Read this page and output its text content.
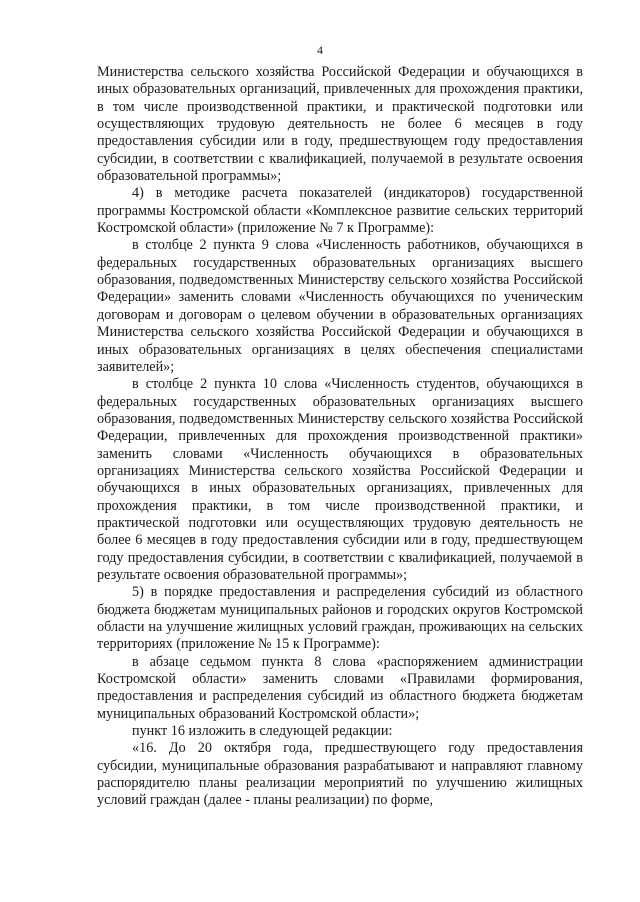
4

Министерства сельского хозяйства Российской Федерации и обучающихся в иных образовательных организаций, привлеченных для прохождения практики, в том числе производственной практики, и практической подготовки или осуществляющих трудовую деятельность не более 6 месяцев в году предоставления субсидии или в году, предшествующем году предоставления субсидии, в соответствии с квалификацией, получаемой в результате освоения образовательной программы»;

4) в методике расчета показателей (индикаторов) государственной программы Костромской области «Комплексное развитие сельских территорий Костромской области» (приложение № 7 к Программе):

в столбце 2 пункта 9 слова «Численность работников, обучающихся в федеральных государственных образовательных организациях высшего образования, подведомственных Министерству сельского хозяйства Российской Федерации» заменить словами «Численность обучающихся по ученическим договорам и договорам о целевом обучении в образовательных организациях Министерства сельского хозяйства Российской Федерации и обучающихся в иных образовательных организациях в целях обеспечения специалистами заявителей»;

в столбце 2 пункта 10 слова «Численность студентов, обучающихся в федеральных государственных образовательных организациях высшего образования, подведомственных Министерству сельского хозяйства Российской Федерации, привлеченных для прохождения производственной практики» заменить словами «Численность обучающихся в образовательных организациях Министерства сельского хозяйства Российской Федерации и обучающихся в иных образовательных организациях, привлеченных для прохождения практики, в том числе производственной практики, и практической подготовки или осуществляющих трудовую деятельность не более 6 месяцев в году предоставления субсидии или в году, предшествующем году предоставления субсидии, в соответствии с квалификацией, получаемой в результате освоения образовательной программы»;

5) в порядке предоставления и распределения субсидий из областного бюджета бюджетам муниципальных районов и городских округов Костромской области на улучшение жилищных условий граждан, проживающих на сельских территориях (приложение № 15 к Программе):

в абзаце седьмом пункта 8 слова «распоряжением администрации Костромской области» заменить словами «Правилами формирования, предоставления и распределения субсидий из областного бюджета бюджетам муниципальных образований Костромской области»;

пункт 16 изложить в следующей редакции:

«16. До 20 октября года, предшествующего году предоставления субсидии, муниципальные образования разрабатывают и направляют главному распорядителю планы реализации мероприятий по улучшению жилищных условий граждан (далее - планы реализации) по форме,
